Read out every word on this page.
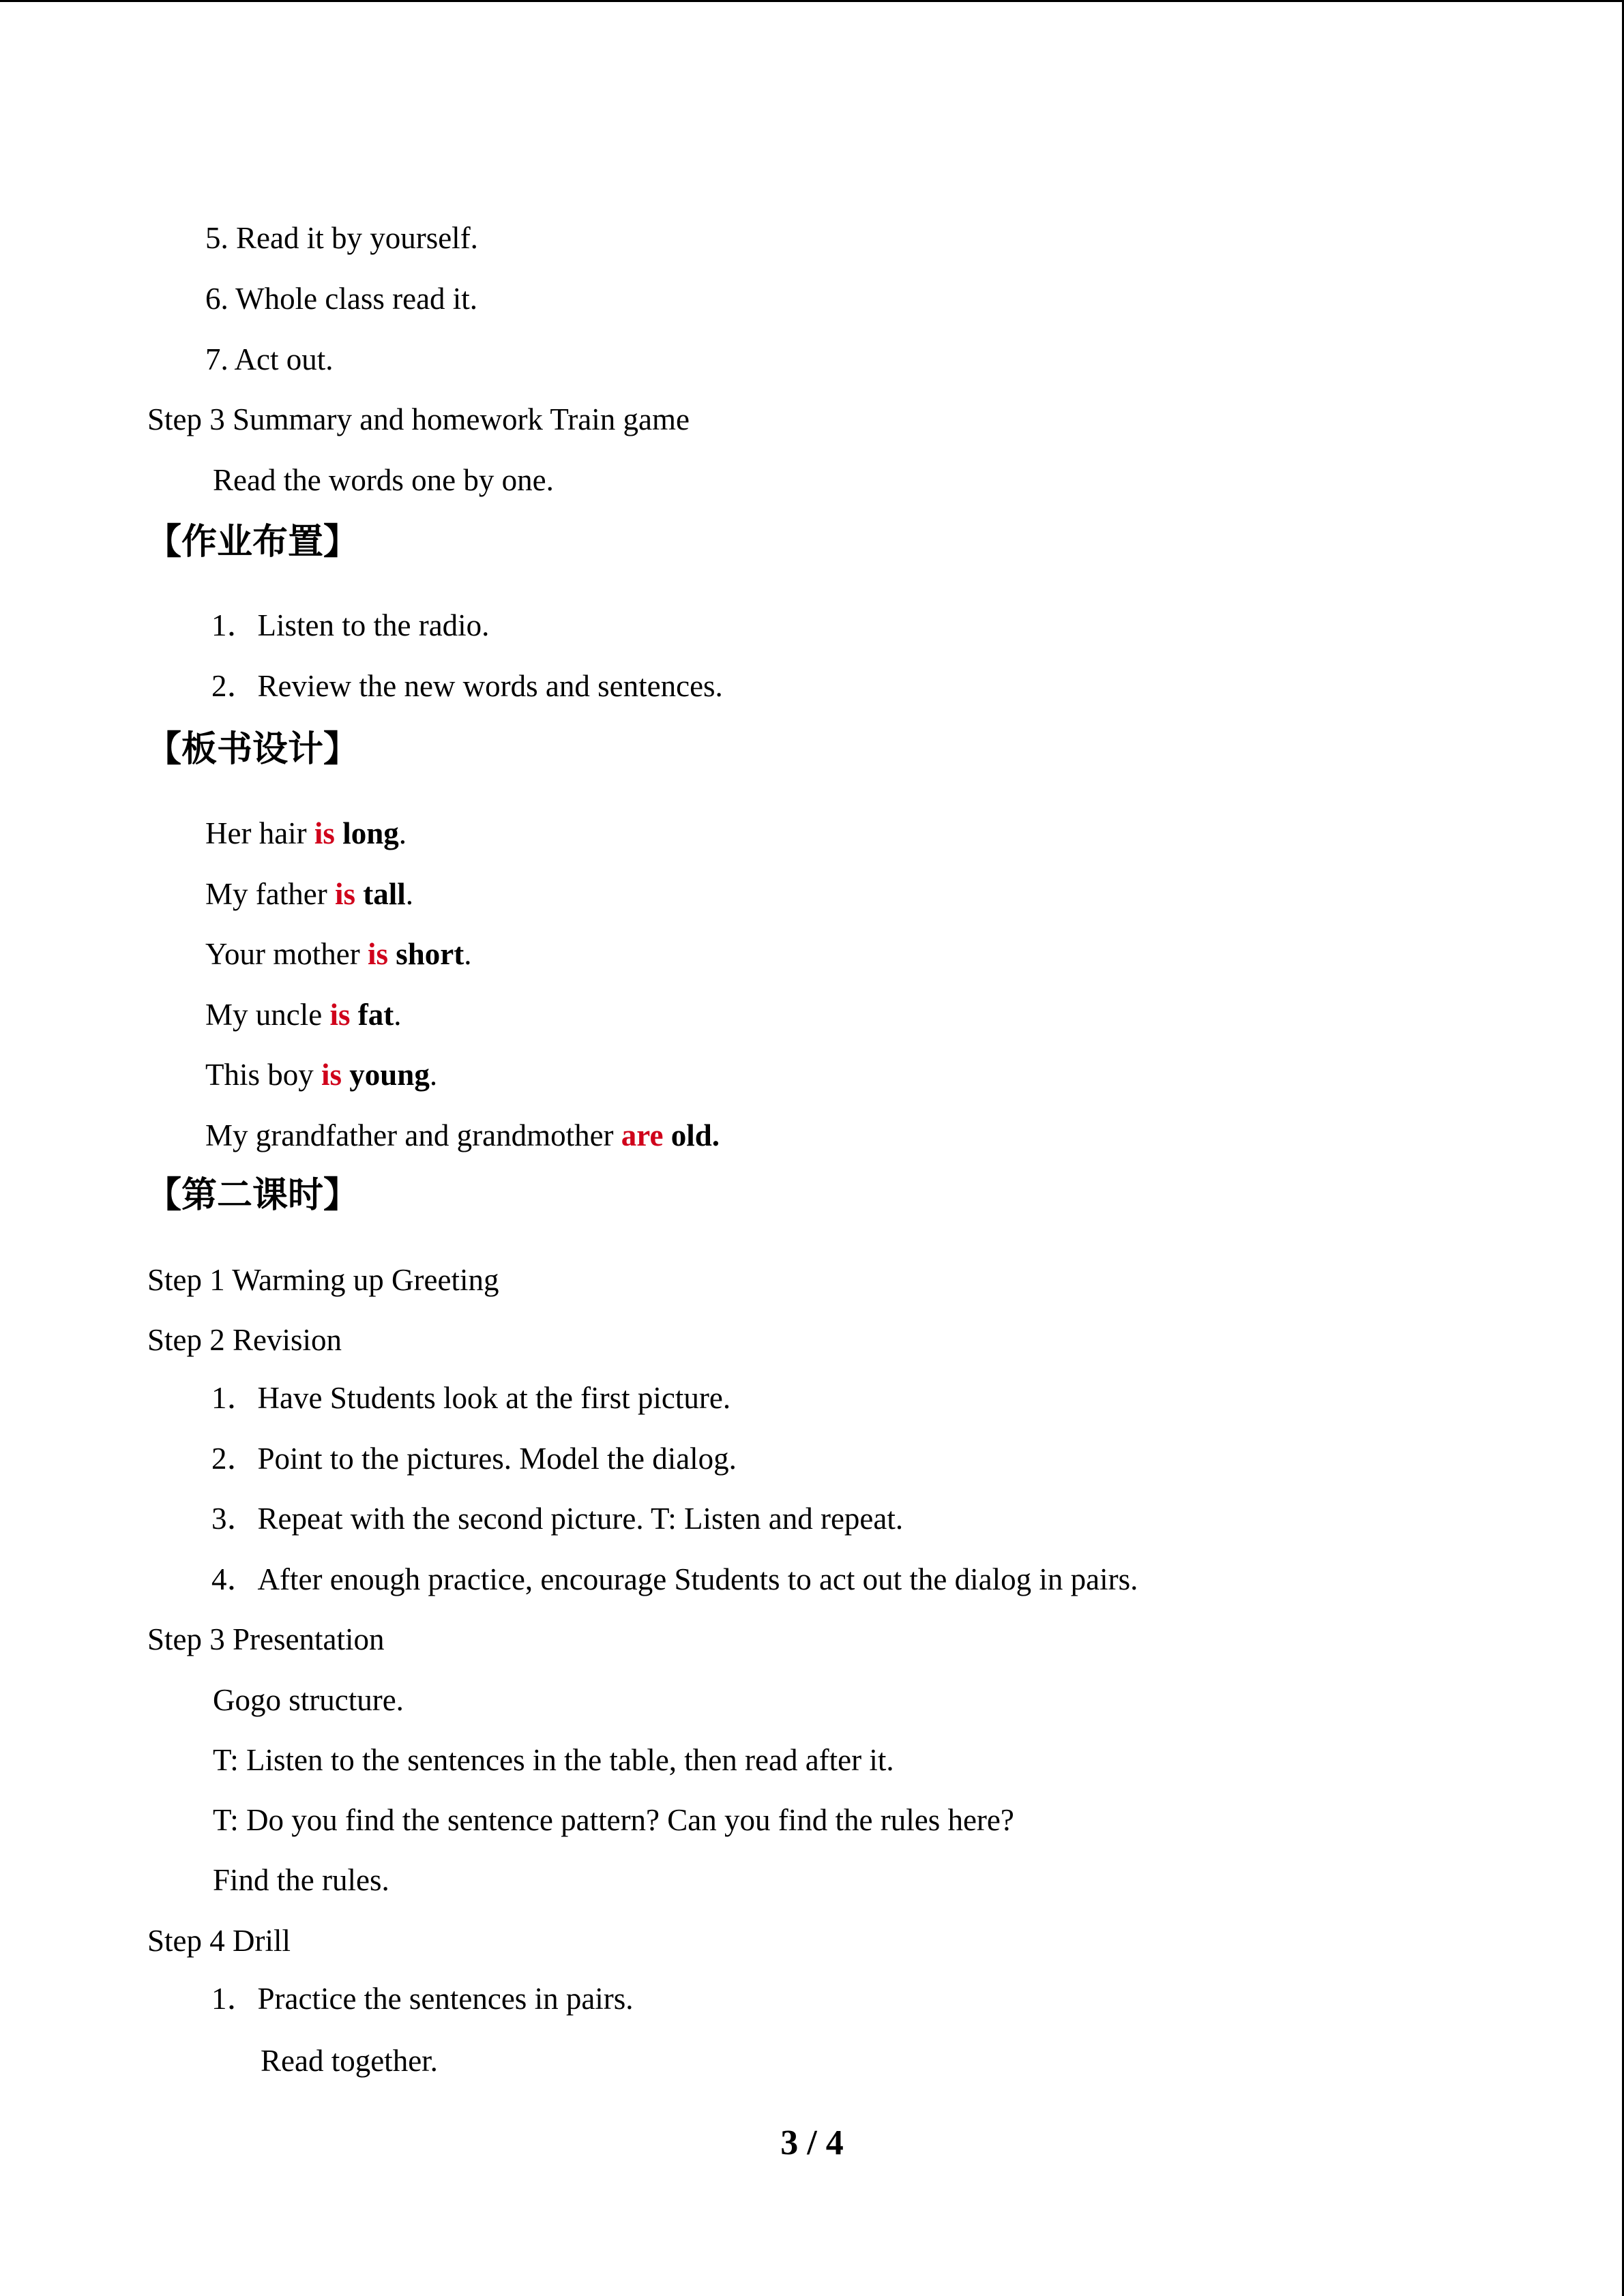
5. Read it by yourself.
6. Whole class read it.
7. Act out.
Step 3 Summary and homework Train game
Read the words one by one.
【作业布置】
1．Listen to the radio.
2．Review the new words and sentences.
【板书设计】
Her hair is long.
My father is tall.
Your mother is short.
My uncle is fat.
This boy is young.
My grandfather and grandmother are old.
【第二课时】
Step 1 Warming up Greeting
Step 2 Revision
1．Have Students look at the first picture.
2．Point to the pictures. Model the dialog.
3．Repeat with the second picture. T: Listen and repeat.
4．After enough practice, encourage Students to act out the dialog in pairs.
Step 3 Presentation
Gogo structure.
T: Listen to the sentences in the table, then read after it.
T: Do you find the sentence pattern? Can you find the rules here?
Find the rules.
Step 4 Drill
1．Practice the sentences in pairs.
Read together.
3 / 4
